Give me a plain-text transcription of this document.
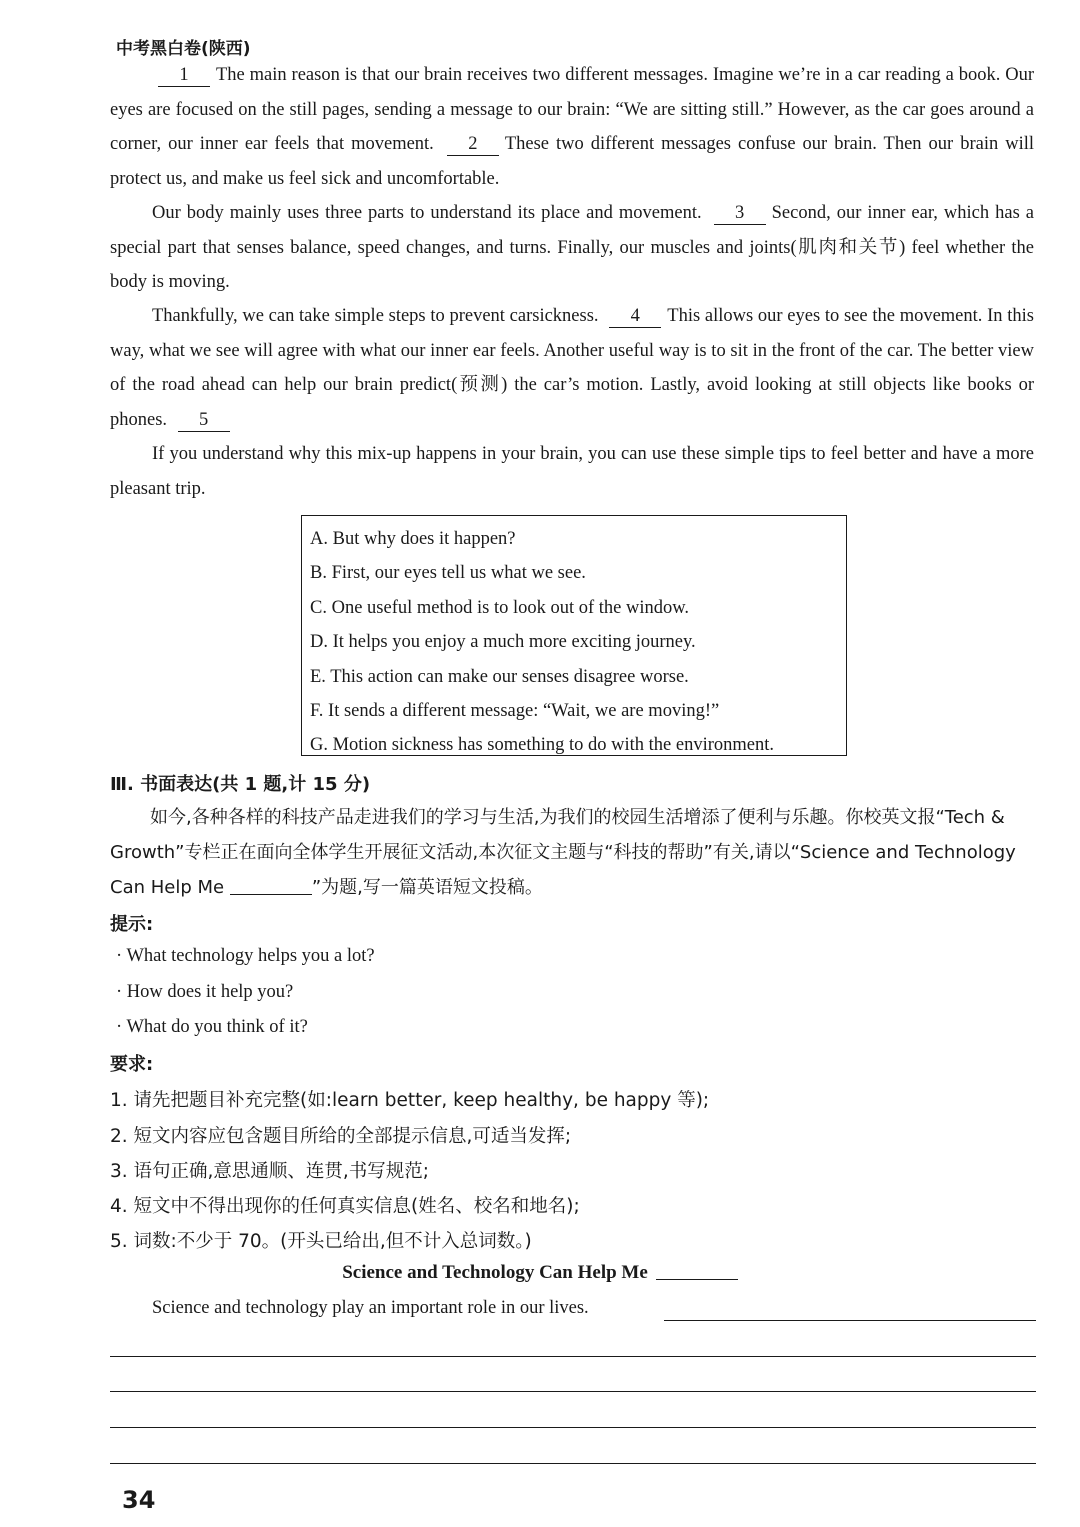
中考黑白卷(陕西)
1 The main reason is that our brain receives two different messages. Imagine we’re in a car reading a book. Our eyes are focused on the still pages, sending a message to our brain: “We are sitting still.” However, as the car goes around a corner, our inner ear feels that movement. 2 These two different messages confuse our brain. Then our brain will protect us, and make us feel sick and uncomfortable.
Our body mainly uses three parts to understand its place and movement. 3 Second, our inner ear, which has a special part that senses balance, speed changes, and turns. Finally, our muscles and joints(肌肉和关节) feel whether the body is moving.
Thankfully, we can take simple steps to prevent carsickness. 4 This allows our eyes to see the movement. In this way, what we see will agree with what our inner ear feels. Another useful way is to sit in the front of the car. The better view of the road ahead can help our brain predict(预测) the car’s motion. Lastly, avoid looking at still objects like books or phones. 5
If you understand why this mix-up happens in your brain, you can use these simple tips to feel better and have a more pleasant trip.
A. But why does it happen?
B. First, our eyes tell us what we see.
C. One useful method is to look out of the window.
D. It helps you enjoy a much more exciting journey.
E. This action can make our senses disagree worse.
F. It sends a different message: “Wait, we are moving!”
G. Motion sickness has something to do with the environment.
Ⅲ. 书面表达(共 1 题,计 15 分)
如今,各种各样的科技产品走进我们的学习与生活,为我们的校园生活增添了便利与乐趣。你校英文报“Tech & Growth”专栏正在面向全体学生开展征文活动,本次征文主题与“科技的帮助”有关,请以“Science and Technology Can Help Me	”为题,写一篇英语短文投稿。
提示:
· What technology helps you a lot?
· How does it help you?
· What do you think of it?
要求:
1. 请先把题目补充完整(如:learn better, keep healthy, be happy 等);
2. 短文内容应包含题目所给的全部提示信息,可适当发挥;
3. 语句正确,意思通顺、连贯,书写规范;
4. 短文中不得出现你的任何真实信息(姓名、校名和地名);
5. 词数:不少于 70。(开头已给出,但不计入总词数。)
Science and Technology Can Help Me
Science and technology play an important role in our lives.
34
